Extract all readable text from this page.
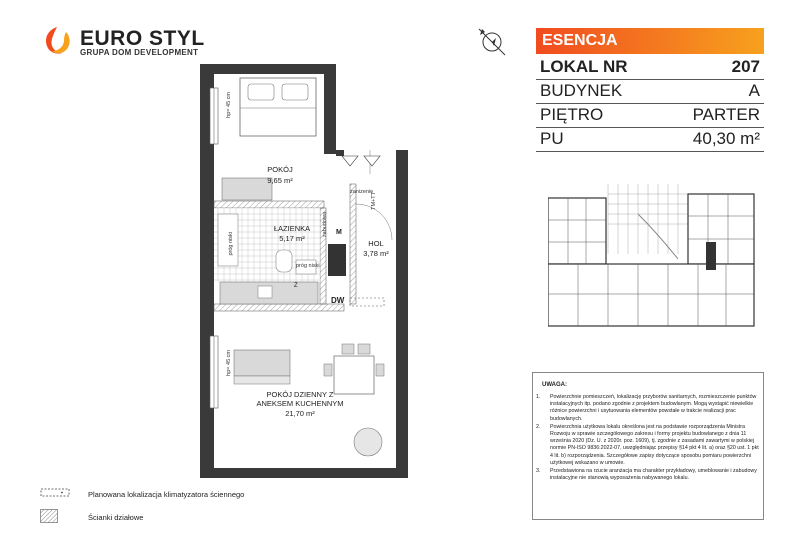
EURO STYL
GRUPA DOM DEVELOPMENT
ESENCJA
LOKAL NR	207
BUDYNEK	A
PIĘTRO	PARTER
PU	40,30 m²
UWAGA:
1.	Powierzchnie pomieszczeń, lokalizację przyborów sanitarnych, rozmieszczenie punktów instalacyjnych itp. podano zgodnie z projektem budowlanym. Mogą wystąpić niewielkie różnice powierzchni i usytuowania elementów powstałe w trakcie realizacji prac budowlanych.
2.	Powierzchnia użytkowa lokalu określona jest na podstawie rozporządzenia Ministra Rozwoju w sprawie szczegółowego zakresu i formy projektu budowlanego z dnia 11 września 2020 (Dz. U. z 2020r. poz. 1609), tj. zgodnie z zasadami zawartymi w polskiej normie PN-ISO 9836:2022-07, uwzględniając przepisy §14 pkt 4 lit. a) oraz §20 ust. 1 pkt 4 lit. b) rozporządzenia. Szczegółowe zapisy dotyczące sposobu pomiaru powierzchni użytkowej wskazano w umowie.
3.	Przedstawiona na rzucie aranżacja ma charakter przykładowy, umeblowanie i zabudowy instalacyjne nie stanowią wyposażenia nabywanego lokalu.
POKÓJ
9,65 m²
ŁAZIENKA
5,17 m²
HOL
3,78 m²
POKÓJ DZIENNY Z
ANEKSEM KUCHENNYM
21,70 m²
hp= 45 cm
hp= 45 cm
zabudowa
zanizenie
próg niski
próg niski
TM+TT
DW
M
Z
Planowana lokalizacja klimatyzatora ściennego
Ścianki działowe
